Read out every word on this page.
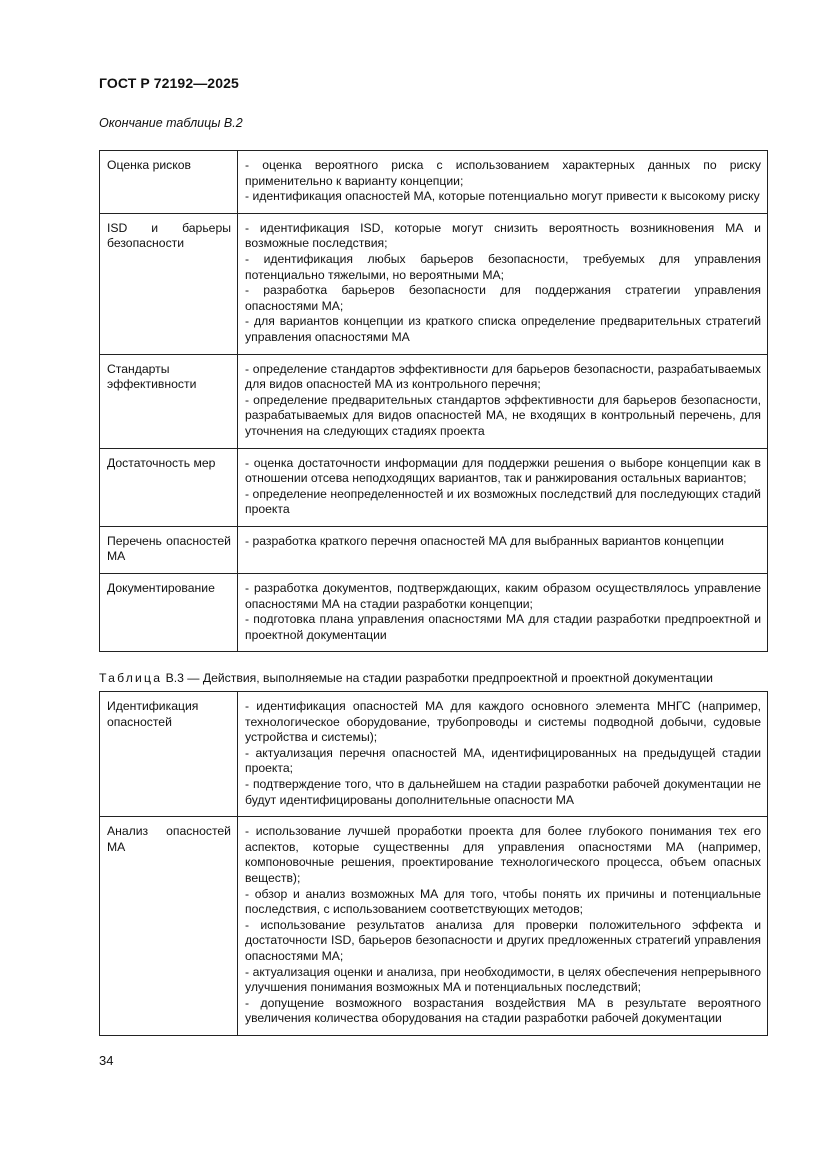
ГОСТ Р 72192—2025
Окончание таблицы В.2
Оценка рисков	- оценка вероятного риска с использованием характерных данных по риску применительно к варианту концепции;
- идентификация опасностей МА, которые потенциально могут привести к высокому риску

ISD и барьеры безопасности	- идентификация ISD, которые могут снизить вероятность возникновения МА и возможные последствия;
- идентификация любых барьеров безопасности, требуемых для управления потенциально тяжелыми, но вероятными МА;
- разработка барьеров безопасности для поддержания стратегии управления опасностями МА;
- для вариантов концепции из краткого списка определение предварительных стратегий управления опасностями МА

Стандарты эффективности	- определение стандартов эффективности для барьеров безопасности, разрабатываемых для видов опасностей МА из контрольного перечня;
- определение предварительных стандартов эффективности для барьеров безопасности, разрабатываемых для видов опасностей МА, не входящих в контрольный перечень, для уточнения на следующих стадиях проекта

Достаточность мер	- оценка достаточности информации для поддержки решения о выборе концепции как в отношении отсева неподходящих вариантов, так и ранжирования остальных вариантов;
- определение неопределенностей и их возможных последствий для последующих стадий проекта

Перечень опасностей МА	- разработка краткого перечня опасностей МА для выбранных вариантов концепции

Документирование	- разработка документов, подтверждающих, каким образом осуществлялось управление опасностями МА на стадии разработки концепции;
- подготовка плана управления опасностями МА для стадии разработки предпроектной и проектной документации
Таблица В.3 — Действия, выполняемые на стадии разработки предпроектной и проектной документации
Идентификация опасностей	- идентификация опасностей МА для каждого основного элемента МНГС (например, технологическое оборудование, трубопроводы и системы подводной добычи, судовые устройства и системы);
- актуализация перечня опасностей МА, идентифицированных на предыдущей стадии проекта;
- подтверждение того, что в дальнейшем на стадии разработки рабочей документации не будут идентифицированы дополнительные опасности МА

Анализ опасностей МА	- использование лучшей проработки проекта для более глубокого понимания тех его аспектов, которые существенны для управления опасностями МА (например, компоновочные решения, проектирование технологического процесса, объем опасных веществ);
- обзор и анализ возможных МА для того, чтобы понять их причины и потенциальные последствия, с использованием соответствующих методов;
- использование результатов анализа для проверки положительного эффекта и достаточности ISD, барьеров безопасности и других предложенных стратегий управления опасностями МА;
- актуализация оценки и анализа, при необходимости, в целях обеспечения непрерывного улучшения понимания возможных МА и потенциальных последствий;
- допущение возможного возрастания воздействия МА в результате вероятного увеличения количества оборудования на стадии разработки рабочей документации
34
